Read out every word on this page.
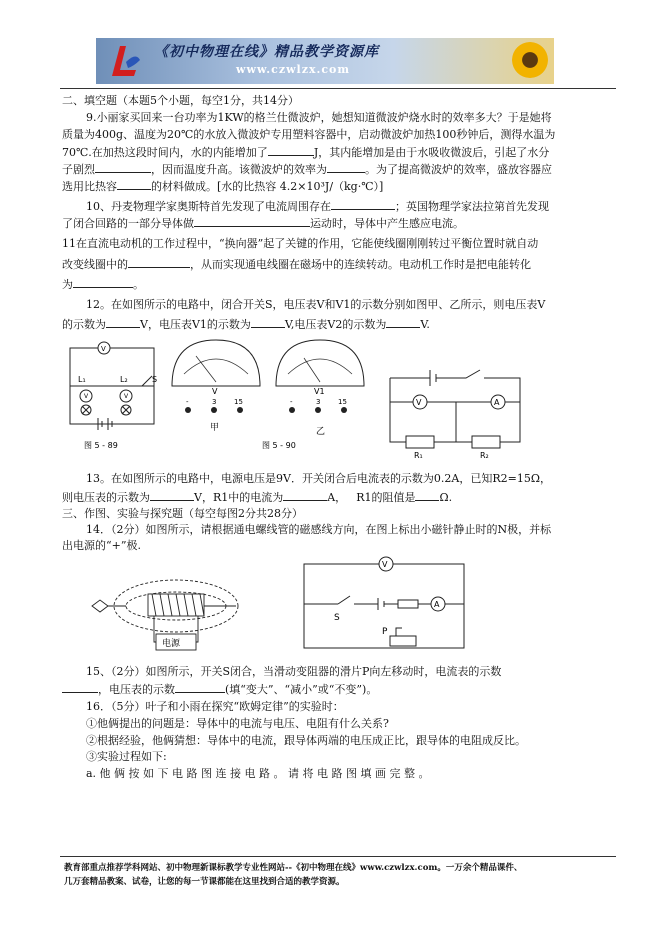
《初中物理在线》精品教学资源库
www.czwlzx.com
二、填空题（本题5个小题，每空1分，共14分）
9.小丽家买回来一台功率为1KW的格兰仕微波炉，她想知道微波炉烧水时的效率多大？于是她将
质量为400g、温度为20℃的水放入微波炉专用塑料容器中，启动微波炉加热100秒钟后，测得水温为
70℃.在加热这段时间内，水的内能增加了	J，其内能增加是由于水吸收微波后，引起了水分
子剧烈	，因而温度升高。该微波炉的效率为	。为了提高微波炉的效率，盛放容器应
选用比热容	的材料做成。[水的比热容 4.2×10³J/（kg·℃）]
10、丹麦物理学家奥斯特首先发现了电流周围存在	；英国物理学家法拉第首先发现
了闭合回路的一部分导体做	运动时，导体中产生感应电流。
11在直流电动机的工作过程中，“换向器”起了关键的作用，它能使线圈刚刚转过平衡位置时就自动
改变线圈中的	，从而实现通电线圈在磁场中的连续转动。电动机工作时是把电能转化
为	。
12。在如图所示的电路中，闭合开关S，电压表V和V1的示数分别如图甲、乙所示，则电压表V
的示数为	V，电压表V1的示数为	V,电压表V2的示数为	V.
V
V	V
L₁	L₂	S
图 5 - 89
V	V1
-	3	15	-	3	15
甲	乙
图 5 - 90
V	A
R₁	R₂
13。在如图所示的电路中，电源电压是9V．开关闭合后电流表的示数为0.2A，已知R2=15Ω，
则电压表的示数为	V，R1中的电流为	A， R1的阻值是 Ω.
三、作图、实验与探究题（每空每图2分共28分）
14．（2分）如图所示，请根据通电螺线管的磁感线方向，在图上标出小磁针静止时的N极，并标
出电源的“+”极.
电源
V
A
S
P
15、（2分）如图所示，开关S闭合，当滑动变阻器的滑片P向左移动时，电流表的示数
，电压表的示数	(填“变大”、“减小”或“不变”)。
16．（5分）叶子和小雨在探究“欧姆定律”的实验时：
①他俩提出的问题是：导体中的电流与电压、电阻有什么关系?
②根据经验，他俩猜想：导体中的电流，跟导体两端的电压成正比，跟导体的电阻成反比。
③实验过程如下:
a. 他 俩 按 如 下 电 路 图 连 接 电 路 。 请 将 电 路 图 填 画 完 整 。
教育部重点推荐学科网站、初中物理新课标教学专业性网站--《初中物理在线》www.czwlzx.com。一万余个精品课件、
几万套精品教案、试卷，让您的每一节课都能在这里找到合适的教学资源。
